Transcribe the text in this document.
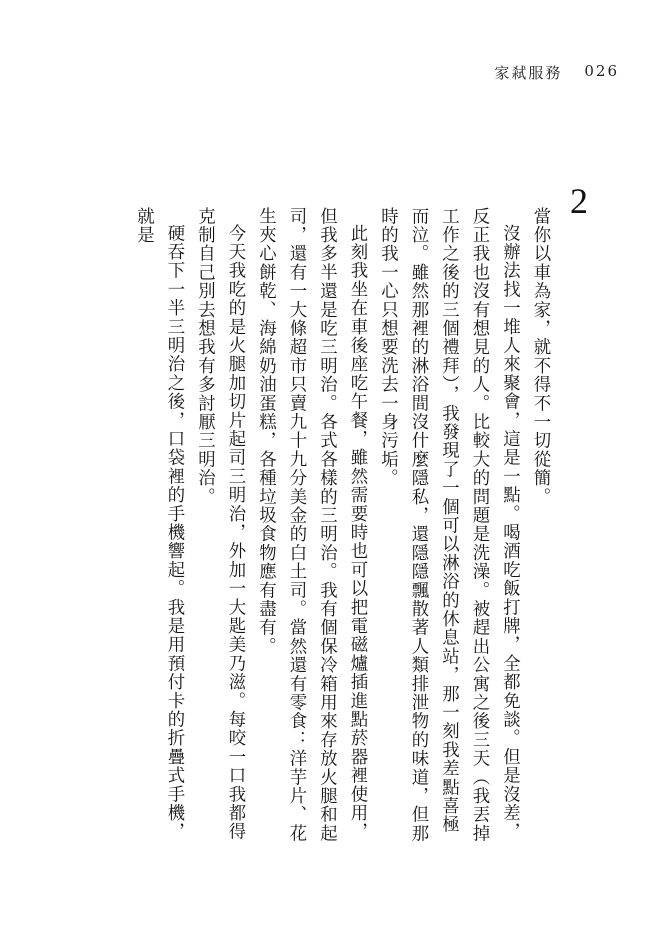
家弒服務 026
2

當你以車為家，就不得不一切從簡。

沒辦法找一堆人來聚會，這是一點。喝酒吃飯打牌，全都免談。但是沒差，反正我也沒有想見的人。比較大的問題是洗澡。被趕出公寓之後三天（我丟掉工作之後的三個禮拜），我發現了一個可以淋浴的休息站，那一刻我差點喜極而泣。雖然那裡的淋浴間沒什麼隱私，還隱隱飄散著人類排泄物的味道，但那時的我一心只想要洗去一身污垢。

此刻我坐在車後座吃午餐，雖然需要時也可以把電磁爐插進點菸器裡使用，但我多半還是吃三明治。各式各樣的三明治。我有個保冷箱用來存放火腿和起司，還有一大條超市只賣九十九分美金的白土司。當然還有零食：洋芋片、花生夾心餅乾、海綿奶油蛋糕，各種垃圾食物應有盡有。

今天我吃的是火腿加切片起司三明治，外加一大匙美乃滋。每咬一口我都得克制自己別去想我有多討厭三明治。

硬吞下一半三明治之後，口袋裡的手機響起。我是用預付卡的折疊式手機，就是
